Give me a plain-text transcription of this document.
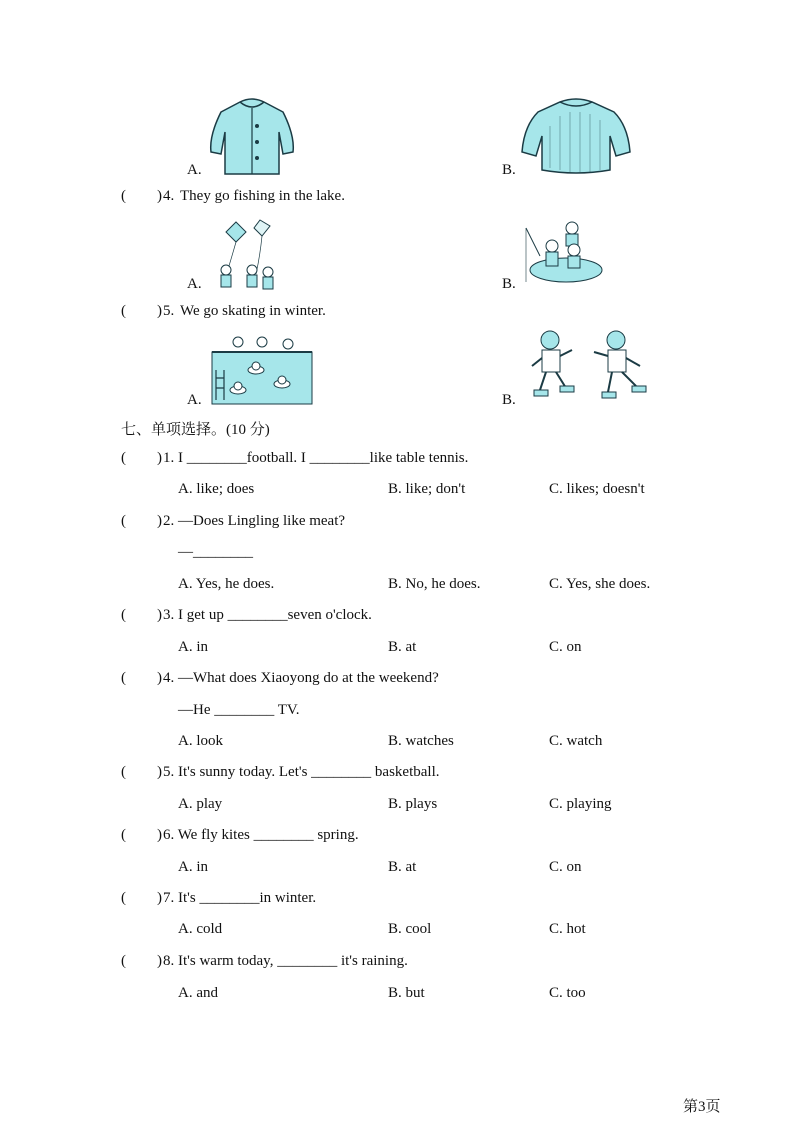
A.	B.
( ) 4. They go fishing in the lake.
A.	B.
( ) 5. We go skating in winter.
A.	B.
七、单项选择。(10 分)
( ) 1. I ________football. I ________like table tennis.
A. like; does	B. like; don't	C. likes; doesn't
( ) 2. —Does Lingling like meat?
—________
A. Yes, he does.	B. No, he does.	C. Yes, she does.
( ) 3. I get up ________seven o'clock.
A. in	B. at	C. on
( ) 4. —What does Xiaoyong do at the weekend?
—He ________ TV.
A. look	B. watches	C. watch
( ) 5. It's sunny today. Let's ________ basketball.
A. play	B. plays	C. playing
( ) 6. We fly kites ________ spring.
A. in	B. at	C. on
( ) 7. It's ________in winter.
A. cold	B. cool	C. hot
( ) 8. It's warm today, ________ it's raining.
A. and	B. but	C. too
第3页
